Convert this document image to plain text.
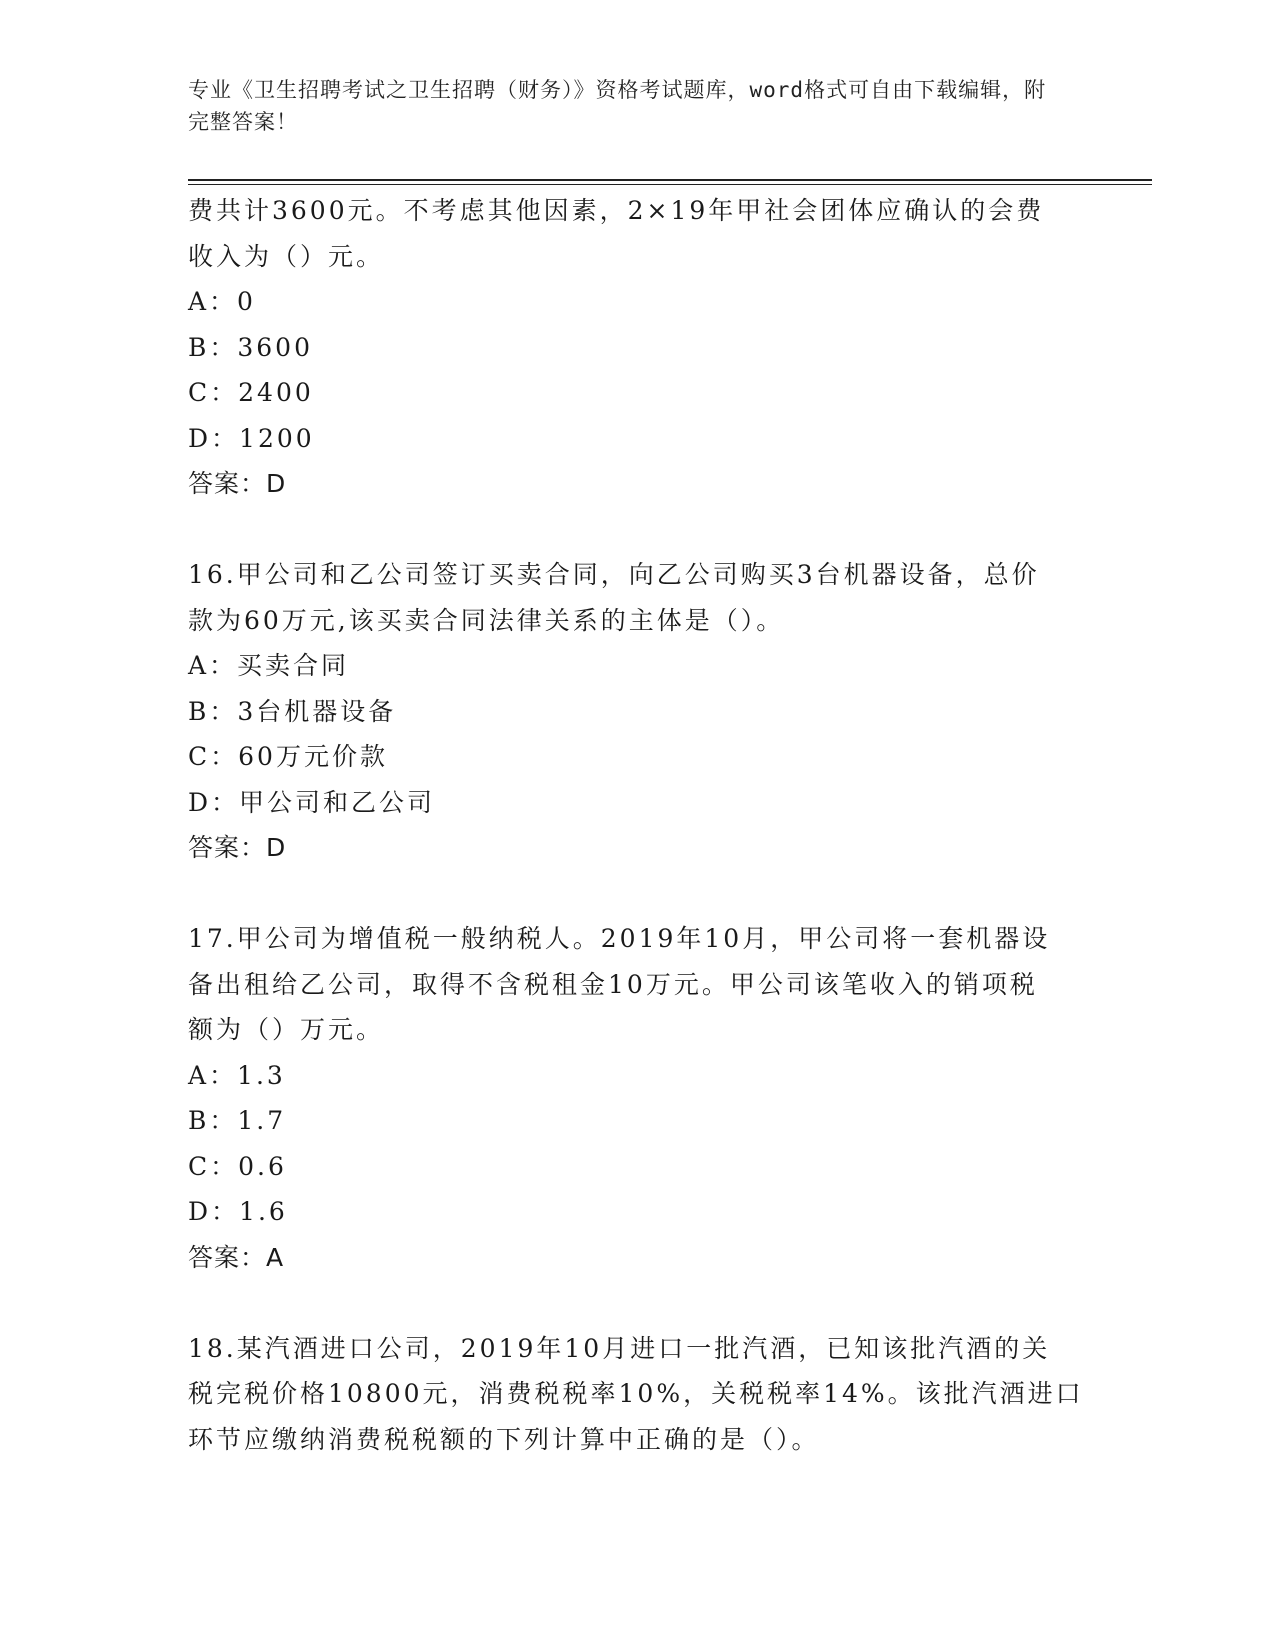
专业《卫生招聘考试之卫生招聘（财务）》资格考试题库，word格式可自由下载编辑，附完整答案！

费共计3600元。不考虑其他因素，2×19年甲社会团体应确认的会费

收入为（）元。

A：0

B：3600

C：2400

D：1200

答案：D

16.甲公司和乙公司签订买卖合同，向乙公司购买3台机器设备，总价

款为60万元,该买卖合同法律关系的主体是（）。

A：买卖合同

B：3台机器设备

C：60万元价款

D：甲公司和乙公司

答案：D

17.甲公司为增值税一般纳税人。2019年10月，甲公司将一套机器设

备出租给乙公司，取得不含税租金10万元。甲公司该笔收入的销项税

额为（）万元。

A：1.3

B：1.7

C：0.6

D：1.6

答案：A

18.某汽酒进口公司，2019年10月进口一批汽酒，已知该批汽酒的关

税完税价格10800元，消费税税率10%，关税税率14%。该批汽酒进口

环节应缴纳消费税税额的下列计算中正确的是（）。
